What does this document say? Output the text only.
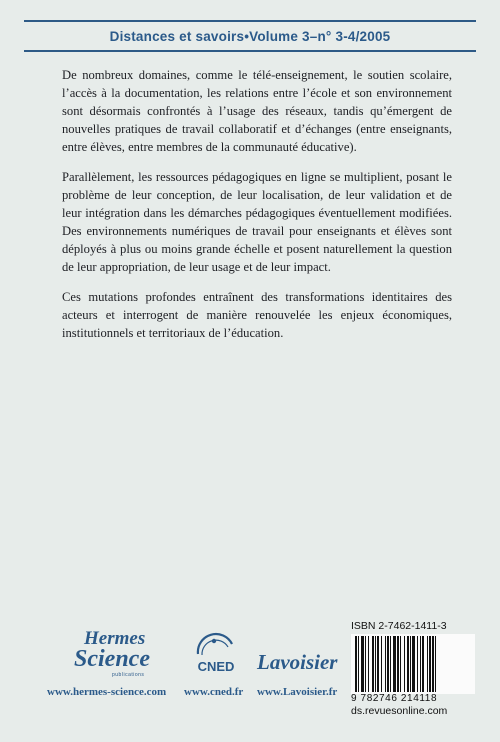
Distances et savoirs • Volume 3 – n° 3-4/2005

De nombreux domaines, comme le télé-enseignement, le soutien scolaire, l’accès à la documentation, les relations entre l’école et son environnement sont désormais confrontés à l’usage des réseaux, tandis qu’émergent de nouvelles pratiques de travail collaboratif et d’échanges (entre enseignants, entre élèves, entre membres de la communauté éducative).

Parallèlement, les ressources pédagogiques en ligne se multiplient, posant le problème de leur conception, de leur localisation, de leur validation et de leur intégration dans les démarches pédagogiques éventuellement modifiées. Des environnements numériques de travail pour enseignants et élèves sont déployés à plus ou moins grande échelle et posent naturellement la question de leur appropriation, de leur usage et de leur impact.

Ces mutations profondes entraînent des transformations identitaires des acteurs et interrogent de manière renouvelée les enjeux économiques, institutionnels et territoriaux de l’éducation.

Hermes
Science
publications
www.hermes-science.com
CNED
www.cned.fr
Lavoisier
www.Lavoisier.fr
ISBN 2-7462-1411-3
9 782746 214118
ds.revuesonline.com
